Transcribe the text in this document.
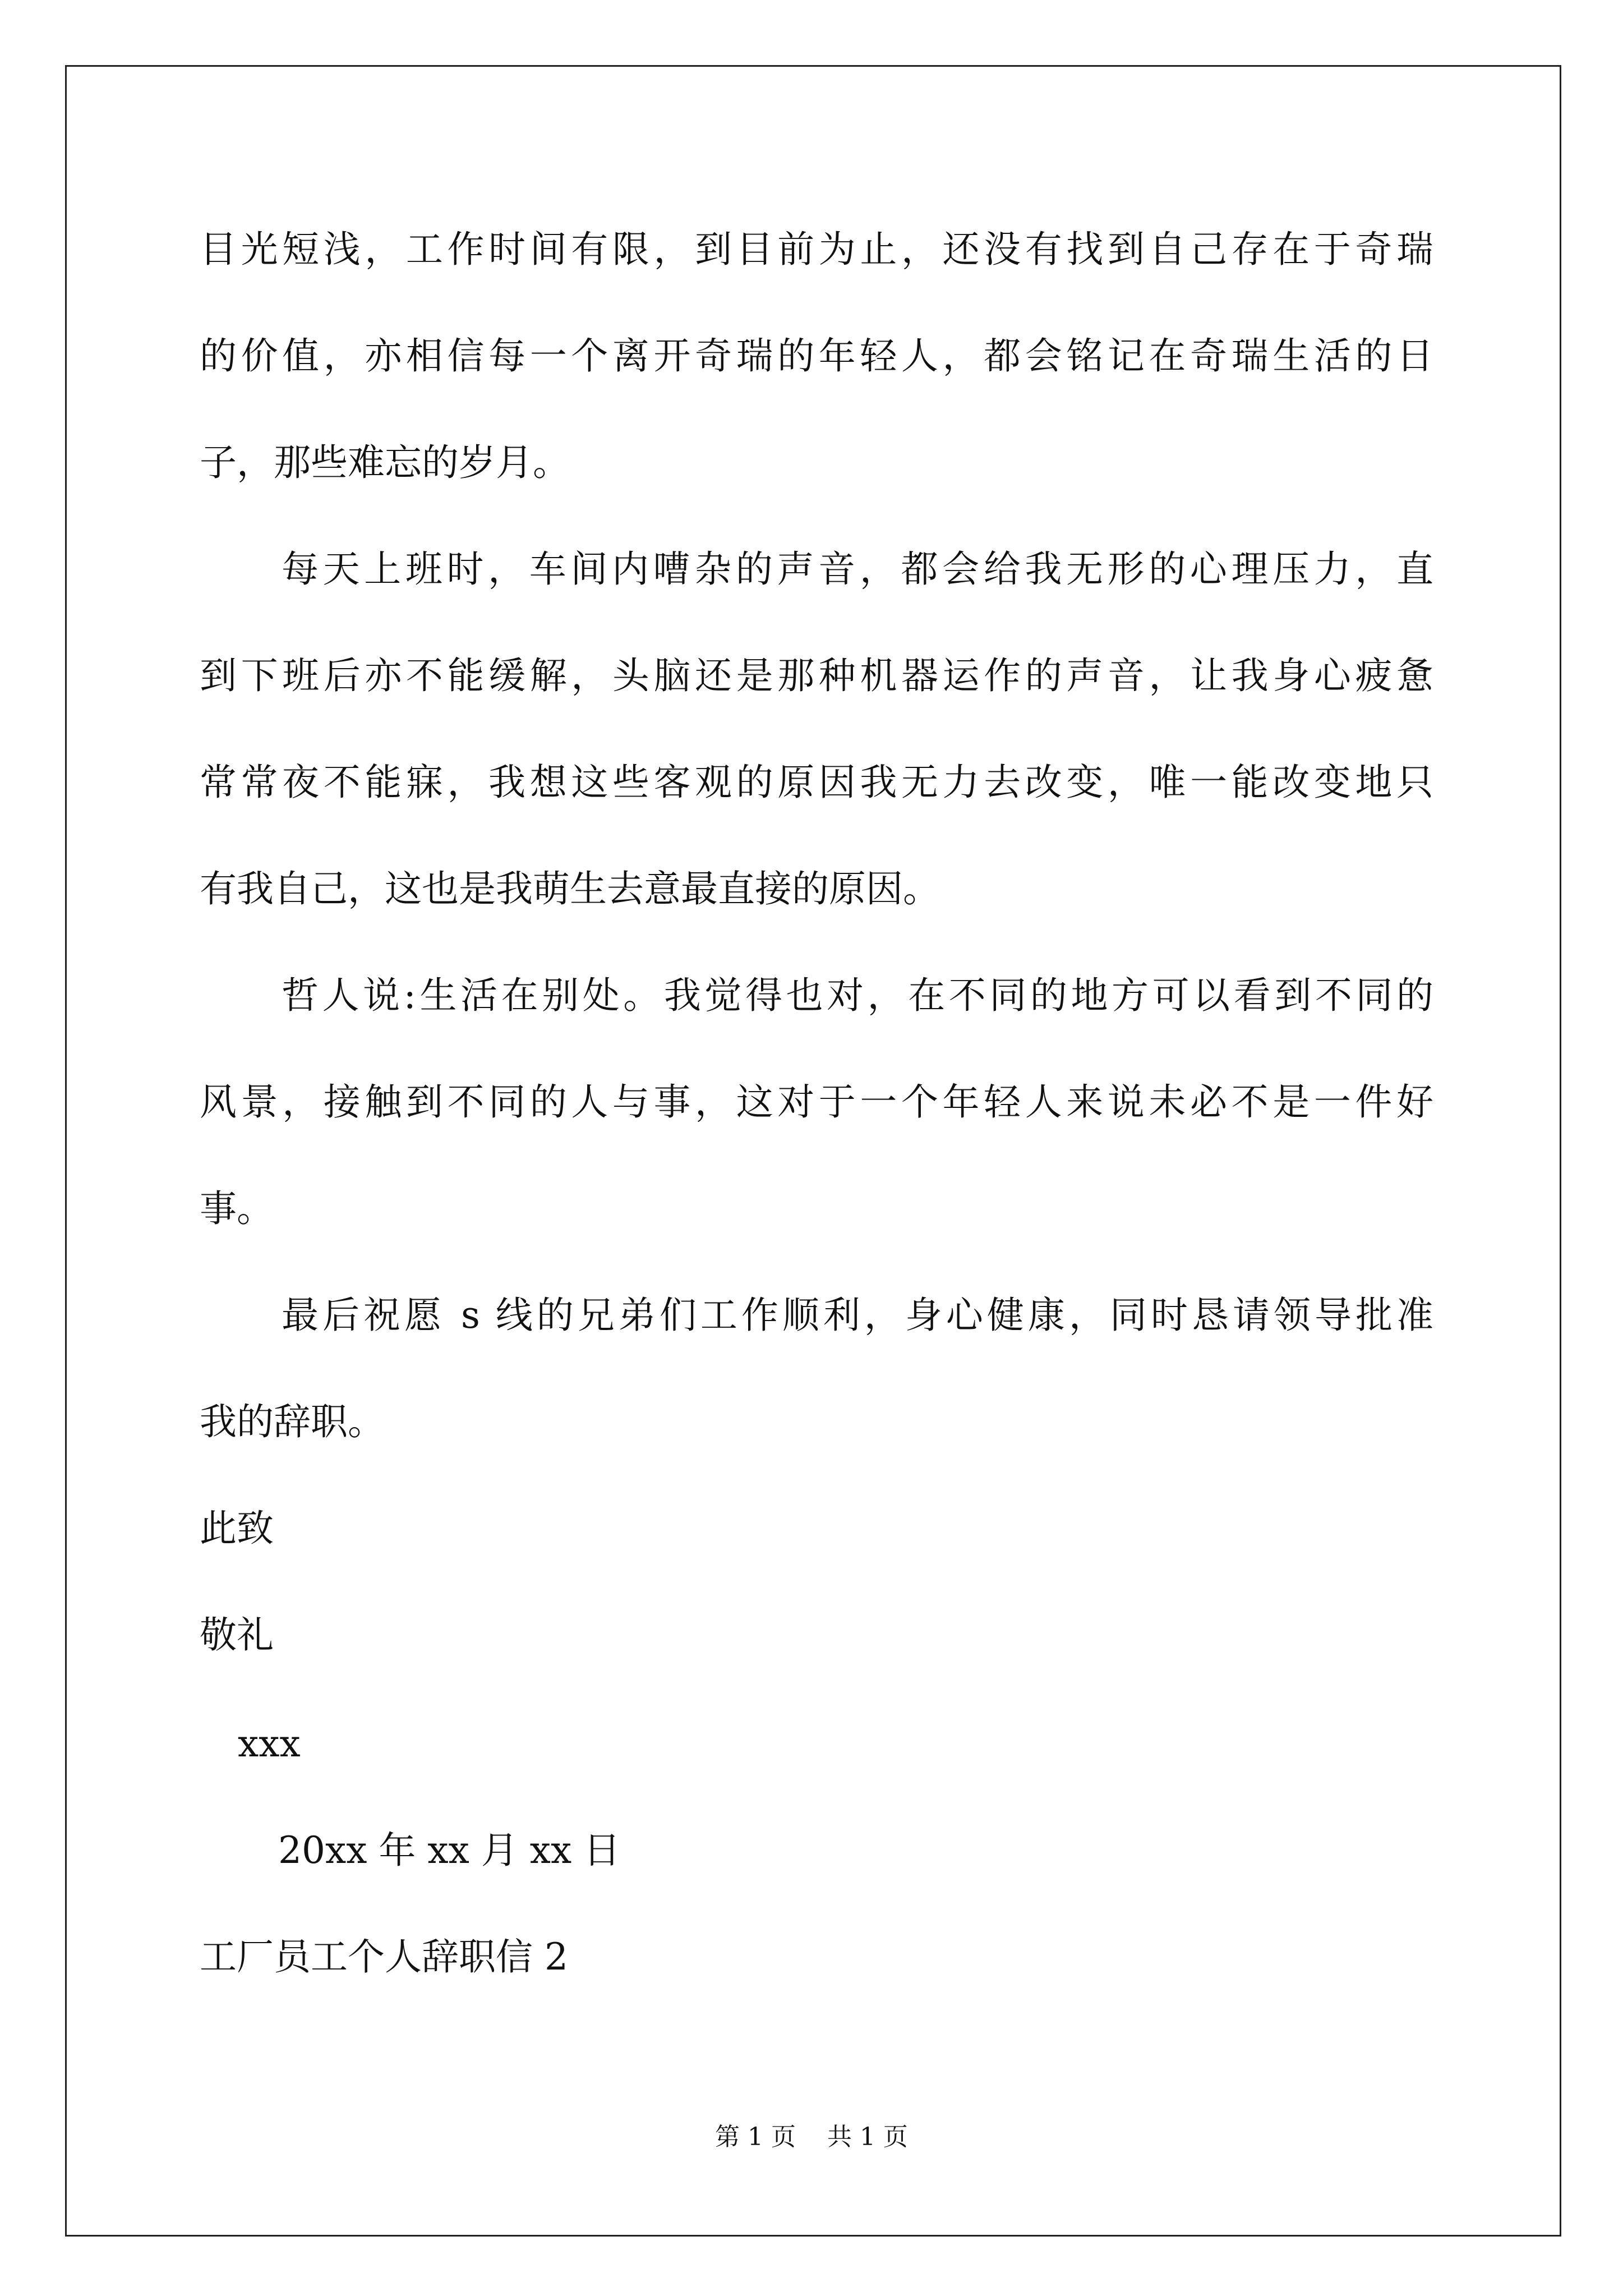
目光短浅，工作时间有限，到目前为止，还没有找到自己存在于奇瑞
的价值，亦相信每一个离开奇瑞的年轻人，都会铭记在奇瑞生活的日
子，那些难忘的岁月。
每天上班时，车间内嘈杂的声音，都会给我无形的心理压力，直
到下班后亦不能缓解，头脑还是那种机器运作的声音，让我身心疲惫
常常夜不能寐，我想这些客观的原因我无力去改变，唯一能改变地只
有我自己，这也是我萌生去意最直接的原因。
哲人说:生活在别处。我觉得也对，在不同的地方可以看到不同的
风景，接触到不同的人与事，这对于一个年轻人来说未必不是一件好
事。
最后祝愿 s 线的兄弟们工作顺利，身心健康，同时恳请领导批准
我的辞职。
此致
敬礼
xxx
20xx 年 xx 月 xx 日
工厂员工个人辞职信 2
第 1 页    共 1 页
